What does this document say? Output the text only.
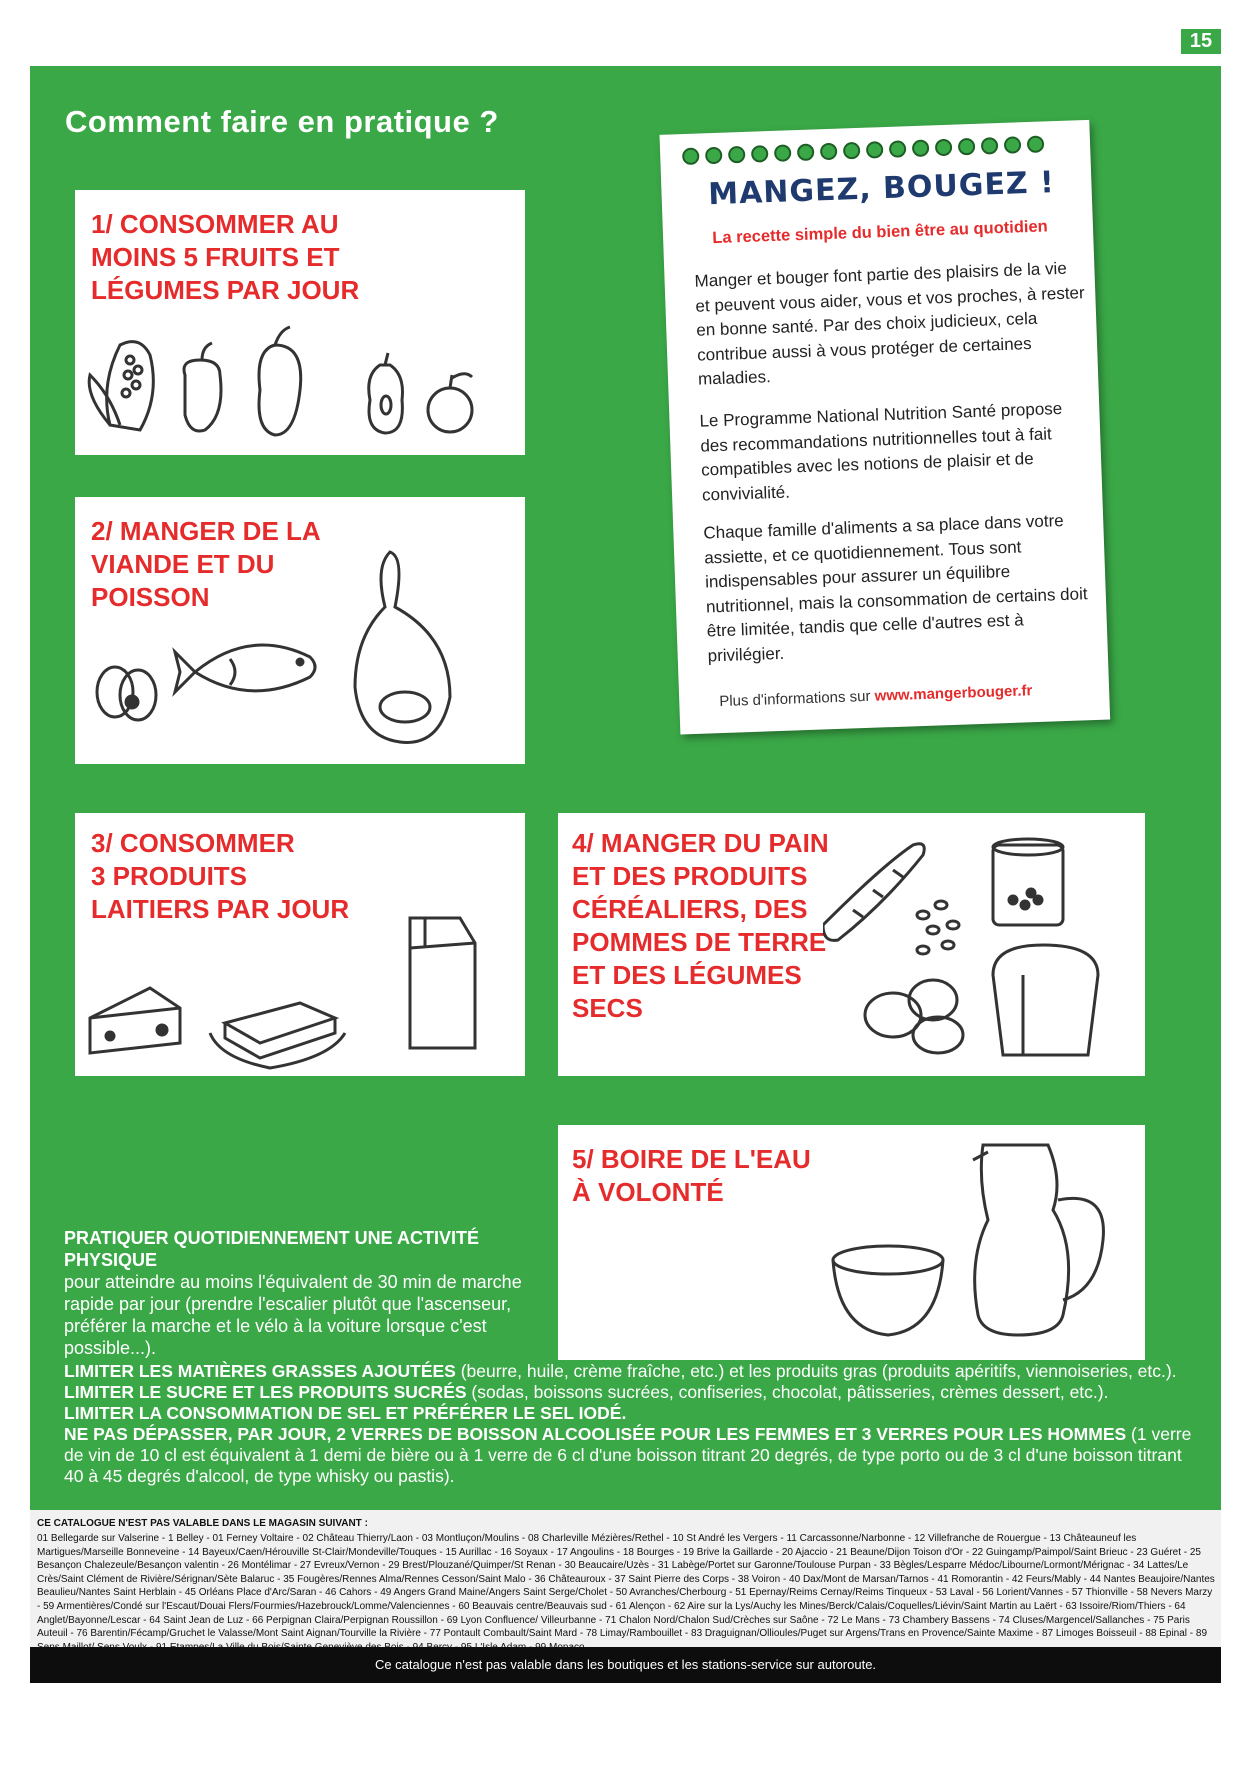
15
Comment faire en pratique ?
1/ CONSOMMER AU
MOINS 5 FRUITS ET
LÉGUMES PAR JOUR
2/ MANGER DE LA
VIANDE ET DU
POISSON
MANGEZ, BOUGEZ !
La recette simple du bien être au quotidien
Manger et bouger font partie des plaisirs de la vie et peuvent vous aider, vous et vos proches, à rester en bonne santé. Par des choix judicieux, cela contribue aussi à vous protéger de certaines maladies.
Le Programme National Nutrition Santé propose des recommandations nutritionnelles tout à fait compatibles avec les notions de plaisir et de convivialité.
Chaque famille d'aliments a sa place dans votre assiette, et ce quotidiennement. Tous sont indispensables pour assurer un équilibre nutritionnel, mais la consommation de certains doit être limitée, tandis que celle d'autres est à privilégier.
Plus d'informations sur www.mangerbouger.fr
3/ CONSOMMER
3 PRODUITS
LAITIERS PAR JOUR
4/ MANGER DU PAIN
ET DES PRODUITS
CÉRÉALIERS, DES
POMMES DE TERRE
ET DES LÉGUMES
SECS
5/ BOIRE DE L'EAU
À VOLONTÉ
PRATIQUER QUOTIDIENNEMENT UNE ACTIVITÉ PHYSIQUE
pour atteindre au moins l'équivalent de 30 min de marche rapide par jour (prendre l'escalier plutôt que l'ascenseur, préférer la marche et le vélo à la voiture lorsque c'est possible...).
LIMITER LES MATIÈRES GRASSES AJOUTÉES (beurre, huile, crème fraîche, etc.) et les produits gras (produits apéritifs, viennoiseries, etc.).
LIMITER LE SUCRE ET LES PRODUITS SUCRÉS (sodas, boissons sucrées, confiseries, chocolat, pâtisseries, crèmes dessert, etc.).
LIMITER LA CONSOMMATION DE SEL ET PRÉFÉRER LE SEL IODÉ.
NE PAS DÉPASSER, PAR JOUR, 2 VERRES DE BOISSON ALCOOLISÉE POUR LES FEMMES ET 3 VERRES POUR LES HOMMES (1 verre de vin de 10 cl est équivalent à 1 demi de bière ou à 1 verre de 6 cl d'une boisson titrant 20 degrés, de type porto ou de 3 cl d'une boisson titrant 40 à 45 degrés d'alcool, de type whisky ou pastis).
CE CATALOGUE N'EST PAS VALABLE DANS LE MAGASIN SUIVANT :
01 Bellegarde sur Valserine - 1 Belley - 01 Ferney Voltaire - 02 Château Thierry/Laon - 03 Montluçon/Moulins - 08 Charleville Mézières/Rethel - 10 St André les Vergers - 11 Carcassonne/Narbonne - 12 Villefranche de Rouergue - 13 Châteauneuf les Martigues/Marseille Bonneveine - 14 Bayeux/Caen/Hérouville St-Clair/Mondeville/Touques - 15 Aurillac - 16 Soyaux - 17 Angoulins - 18 Bourges - 19 Brive la Gaillarde - 20 Ajaccio - 21 Beaune/Dijon Toison d'Or - 22 Guingamp/Paimpol/Saint Brieuc - 23 Guéret - 25 Besançon Chalezeule/Besançon valentin - 26 Montélimar - 27 Evreux/Vernon - 29 Brest/Plouzané/Quimper/St Renan - 30 Beaucaire/Uzès - 31 Labège/Portet sur Garonne/Toulouse Purpan - 33 Bègles/Lesparre Médoc/Libourne/Lormont/Mérignac - 34 Lattes/Le Crès/Saint Clément de Rivière/Sérignan/Sète Balaruc - 35 Fougères/Rennes Alma/Rennes Cesson/Saint Malo - 36 Châteauroux - 37 Saint Pierre des Corps - 38 Voiron - 40 Dax/Mont de Marsan/Tarnos - 41 Romorantin - 42 Feurs/Mably - 44 Nantes Beaujoire/Nantes Beaulieu/Nantes Saint Herblain - 45 Orléans Place d'Arc/Saran - 46 Cahors - 49 Angers Grand Maine/Angers Saint Serge/Cholet - 50 Avranches/Cherbourg - 51 Epernay/Reims Cernay/Reims Tinqueux - 53 Laval - 56 Lorient/Vannes - 57 Thionville - 58 Nevers Marzy - 59 Armentières/Condé sur l'Escaut/Douai Flers/Fourmies/Hazebrouck/Lomme/Valenciennes - 60 Beauvais centre/Beauvais sud - 61 Alençon - 62 Aire sur la Lys/Auchy les Mines/Berck/Calais/Coquelles/Liévin/Saint Martin au Laërt - 63 Issoire/Riom/Thiers - 64 Anglet/Bayonne/Lescar - 64 Saint Jean de Luz - 66 Perpignan Claira/Perpignan Roussillon - 69 Lyon Confluence/ Villeurbanne - 71 Chalon Nord/Chalon Sud/Crèches sur Saône - 72 Le Mans - 73 Chambery Bassens - 74 Cluses/Margencel/Sallanches - 75 Paris Auteuil - 76 Barentin/Fécamp/Gruchet le Valasse/Mont Saint Aignan/Tourville la Rivière - 77 Pontault Combault/Saint Mard - 78 Limay/Rambouillet - 83 Draguignan/Ollioules/Puget sur Argens/Trans en Provence/Sainte Maxime - 87 Limoges Boisseuil - 88 Epinal - 89
Ce catalogue n'est pas valable dans les boutiques et les stations-service sur autoroute.
